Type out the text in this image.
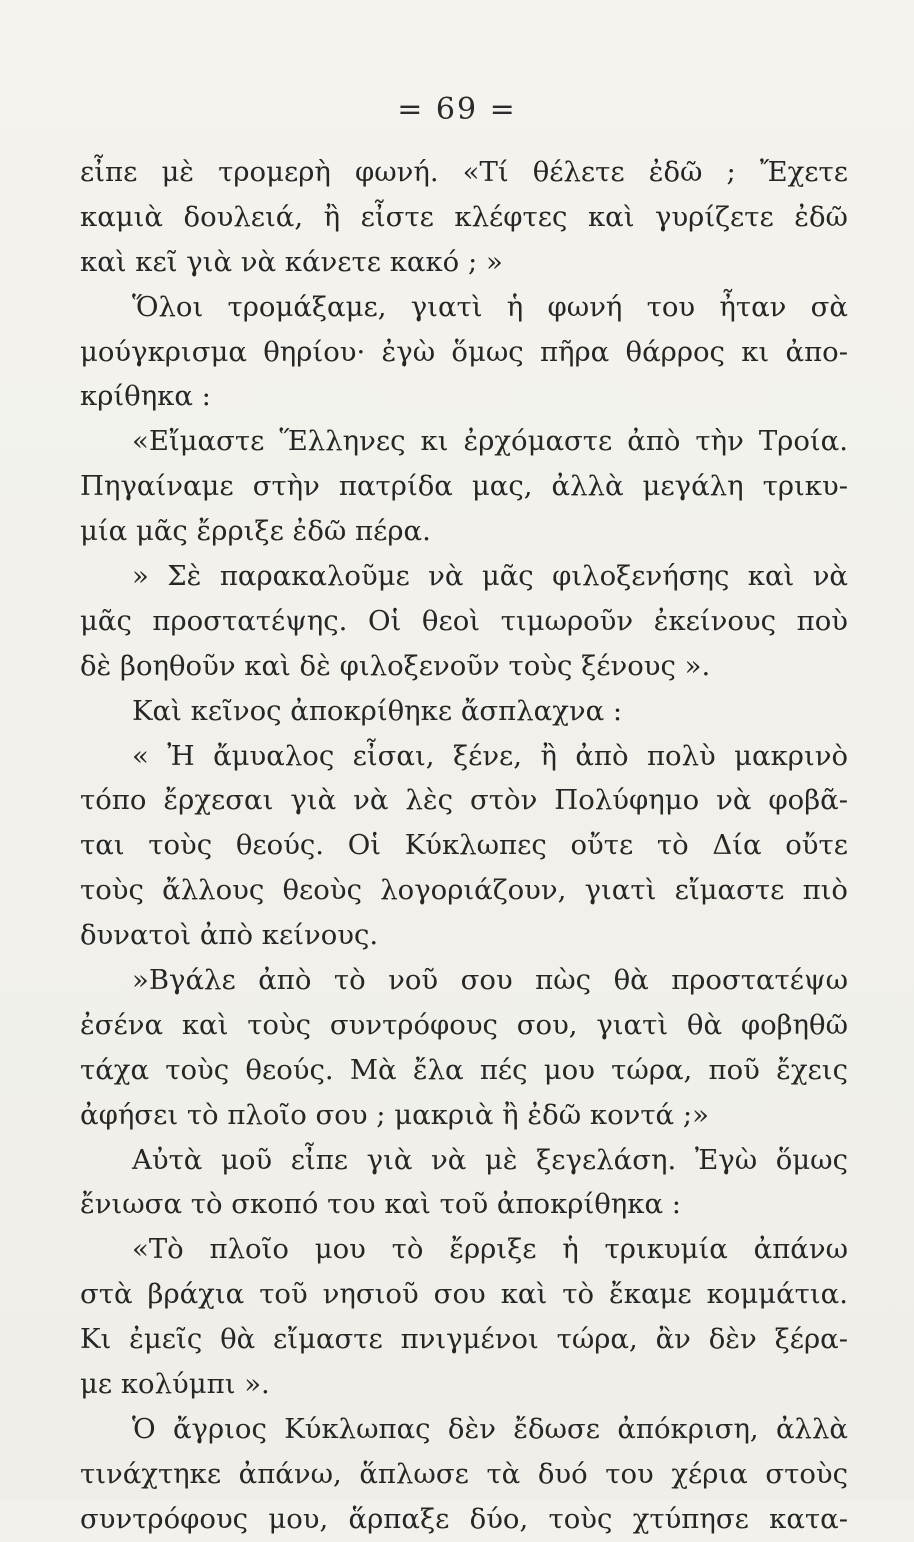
= 69 =
εἶπε μὲ τρομερὴ φωνή. «Τί θέλετε ἐδῶ ; Ἔχετε
καμιὰ δουλειά, ἢ εἶστε κλέφτες καὶ γυρίζετε ἐδῶ
καὶ κεῖ γιὰ νὰ κάνετε κακό ; »
Ὅλοι τρομάξαμε, γιατὶ ἡ φωνή του ἦταν σὰ
μούγκρισμα θηρίου· ἐγὼ ὅμως πῆρα θάρρος κι ἀπο-
κρίθηκα :
«Εἴμαστε Ἕλληνες κι ἐρχόμαστε ἀπὸ τὴν Τροία.
Πηγαίναμε στὴν πατρίδα μας, ἀλλὰ μεγάλη τρικυ-
μία μᾶς ἔρριξε ἐδῶ πέρα.
» Σὲ παρακαλοῦμε νὰ μᾶς φιλοξενήσης καὶ νὰ
μᾶς προστατέψης. Οἱ θεοὶ τιμωροῦν ἐκείνους ποὺ
δὲ βοηθοῦν καὶ δὲ φιλοξενοῦν τοὺς ξένους ».
Καὶ κεῖνος ἀποκρίθηκε ἄσπλαχνα :
« Ἠ ἄμυαλος εἶσαι, ξένε, ἢ ἀπὸ πολὺ μακρινὸ
τόπο ἔρχεσαι γιὰ νὰ λὲς στὸν Πολύφημο νὰ φοβᾶ-
ται τοὺς θεούς. Οἱ Κύκλωπες οὔτε τὸ Δία οὔτε
τοὺς ἄλλους θεοὺς λογοριάζουν, γιατὶ εἴμαστε πιὸ
δυνατοὶ ἀπὸ κείνους.
»Βγάλε ἀπὸ τὸ νοῦ σου πὼς θὰ προστατέψω
ἐσένα καὶ τοὺς συντρόφους σου, γιατὶ θὰ φοβηθῶ
τάχα τοὺς θεούς. Μὰ ἔλα πές μου τώρα, ποῦ ἔχεις
ἀφήσει τὸ πλοῖο σου ; μακριὰ ἢ ἐδῶ κοντά ;»
Αὐτὰ μοῦ εἶπε γιὰ νὰ μὲ ξεγελάση. Ἐγὼ ὅμως
ἔνιωσα τὸ σκοπό του καὶ τοῦ ἀποκρίθηκα :
«Τὸ πλοῖο μου τὸ ἔρριξε ἡ τρικυμία ἀπάνω
στὰ βράχια τοῦ νησιοῦ σου καὶ τὸ ἔκαμε κομμάτια.
Κι ἐμεῖς θὰ εἴμαστε πνιγμένοι τώρα, ἂν δὲν ξέρα-
με κολύμπι ».
Ὁ ἄγριος Κύκλωπας δὲν ἔδωσε ἀπόκριση, ἀλλὰ
τινάχτηκε ἀπάνω, ἅπλωσε τὰ δυό του χέρια στοὺς
συντρόφους μου, ἅρπαξε δύο, τοὺς χτύπησε κατα-
